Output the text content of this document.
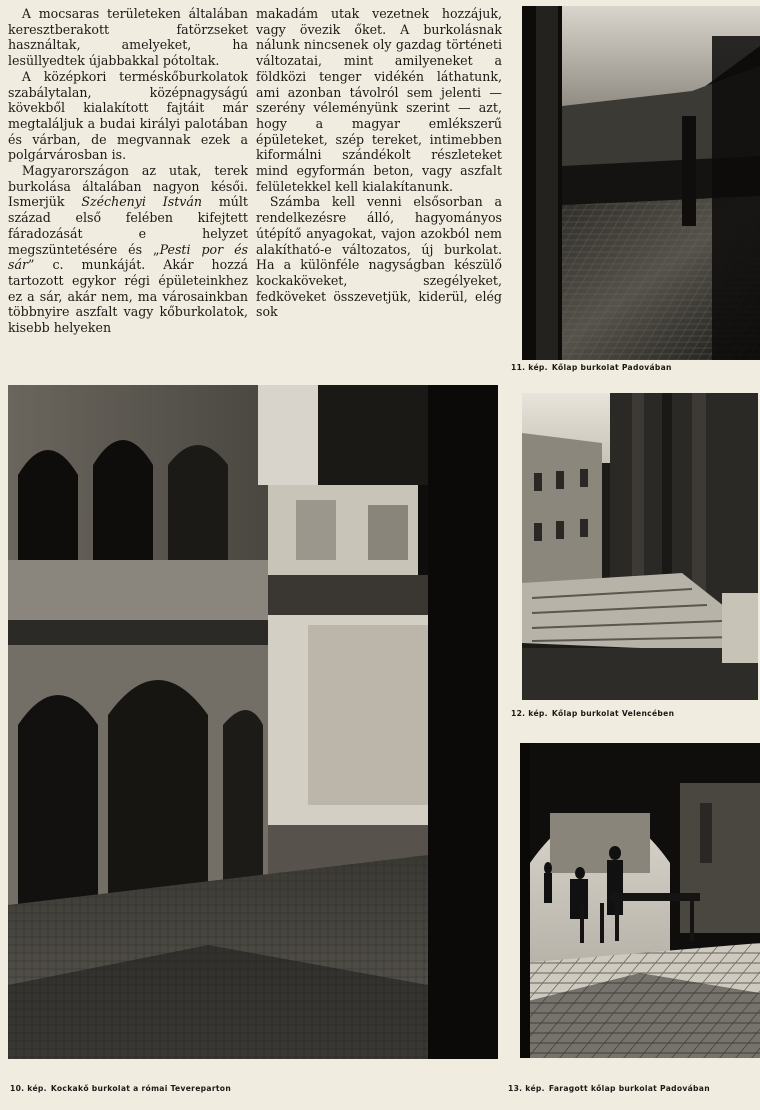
A mocsaras területeken általában keresztberakott fatörzseket használtak, amelyeket, ha lesüllyedtek újabbakkal pótoltak.

A középkori terméskőburkolatok szabálytalan, középnagyságú kövekből kialakított fajtáit már megtaláljuk a budai királyi palotában és várban, de megvannak ezek a polgárvárosban is.

Magyarországon az utak, terek burkolása általában nagyon késői. Ismerjük Széchenyi István múlt század első felében kifejtett fáradozását e helyzet megszüntetésére és „Pesti por és sár” c. munkáját. Akár hozzá tartozott egykor régi épületeinkhez ez a sár, akár nem, ma városainkban többnyire aszfalt vagy kőburkolatok, kisebb helyeken

makadám utak vezetnek hozzájuk, vagy övezik őket. A burkolásnak nálunk nincsenek oly gazdag történeti változatai, mint amilyeneket a földközi tenger vidékén láthatunk, ami azonban távolról sem jelenti — szerény véleményünk szerint — azt, hogy a magyar emlékszerű épületeket, szép tereket, intimebben kiformálni szándékolt részleteket mind egyformán beton, vagy aszfalt felületekkel kell kialakítanunk.

Számba kell venni elsősorban a rendelkezésre álló, hagyományos útépítő anyagokat, vajon azokból nem alakítható-e változatos, új burkolat. Ha a különféle nagyságban készülő kockaköveket, szegélyeket, fedköveket összevetjük, kiderül, elég sok

11. kép. Kőlap burkolat Padovában
10. kép. Kockakő burkolat a római Tevereparton
12. kép. Kőlap burkolat Velencében
13. kép. Faragott kőlap burkolat Padovában
